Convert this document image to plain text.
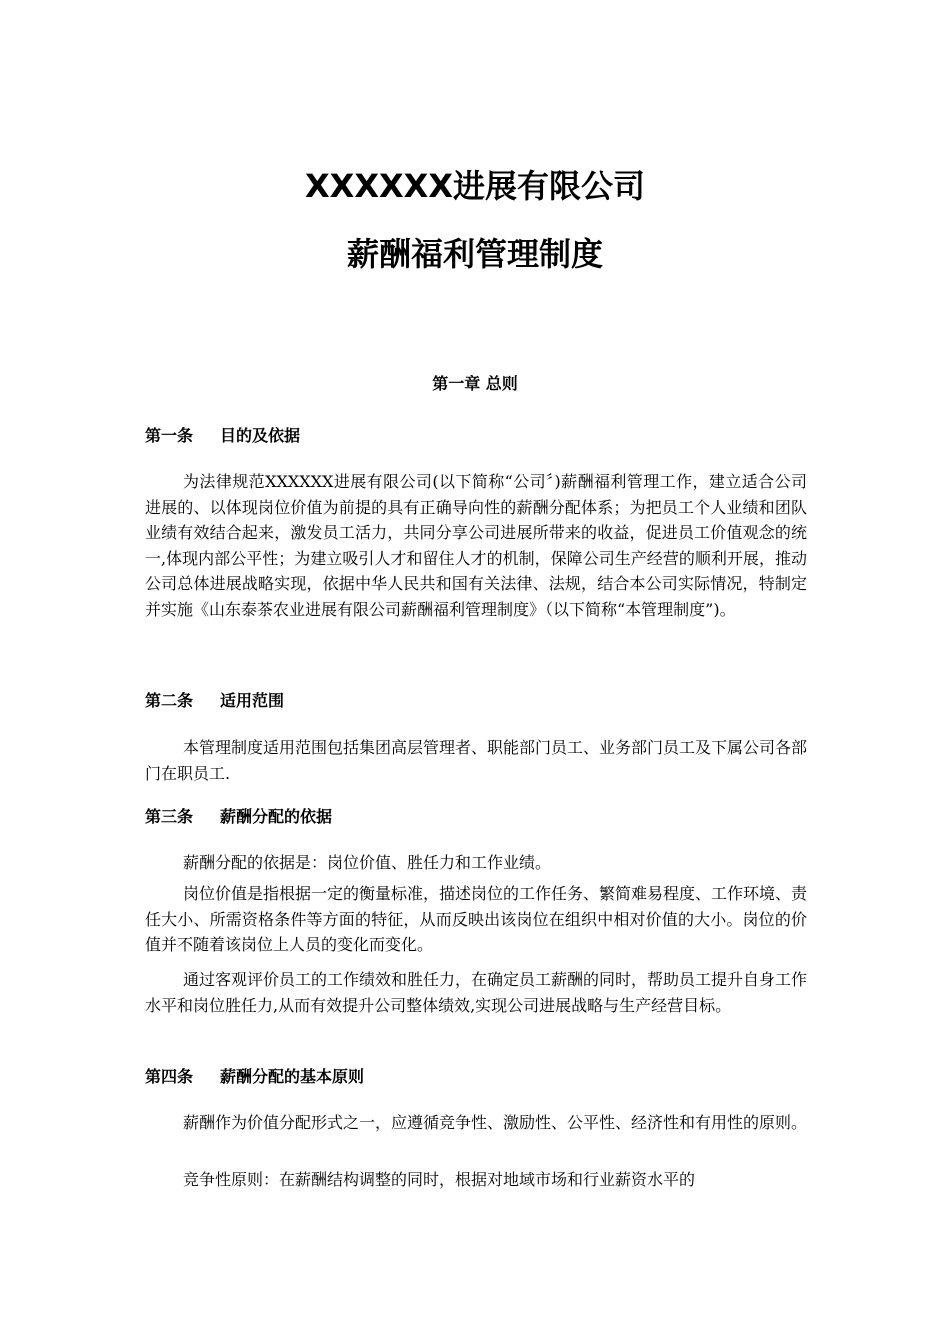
XXXXXX进展有限公司
薪酬福利管理制度
第一章 总则
第一条 目的及依据

为法律规范XXXXXX进展有限公司(以下简称“公司〞)薪酬福利管理工作，建立适合公司进展的、以体现岗位价值为前提的具有正确导向性的薪酬分配体系；为把员工个人业绩和团队业绩有效结合起来，激发员工活力，共同分享公司进展所带来的收益，促进员工价值观念的统一,体现内部公平性；为建立吸引人才和留住人才的机制，保障公司生产经营的顺利开展，推动公司总体进展战略实现，依据中华人民共和国有关法律、法规，结合本公司实际情况，特制定并实施《山东泰茶农业进展有限公司薪酬福利管理制度》（以下简称“本管理制度”)。

第二条 适用范围

本管理制度适用范围包括集团高层管理者、职能部门员工、业务部门员工及下属公司各部门在职员工.

第三条 薪酬分配的依据

薪酬分配的依据是：岗位价值、胜任力和工作业绩。

岗位价值是指根据一定的衡量标准，描述岗位的工作任务、繁简难易程度、工作环境、责任大小、所需资格条件等方面的特征，从而反映出该岗位在组织中相对价值的大小。岗位的价值并不随着该岗位上人员的变化而变化。

通过客观评价员工的工作绩效和胜任力，在确定员工薪酬的同时，帮助员工提升自身工作水平和岗位胜任力,从而有效提升公司整体绩效,实现公司进展战略与生产经营目标。

第四条 薪酬分配的基本原则

薪酬作为价值分配形式之一，应遵循竞争性、激励性、公平性、经济性和有用性的原则。

竞争性原则：在薪酬结构调整的同时，根据对地域市场和行业薪资水平的
